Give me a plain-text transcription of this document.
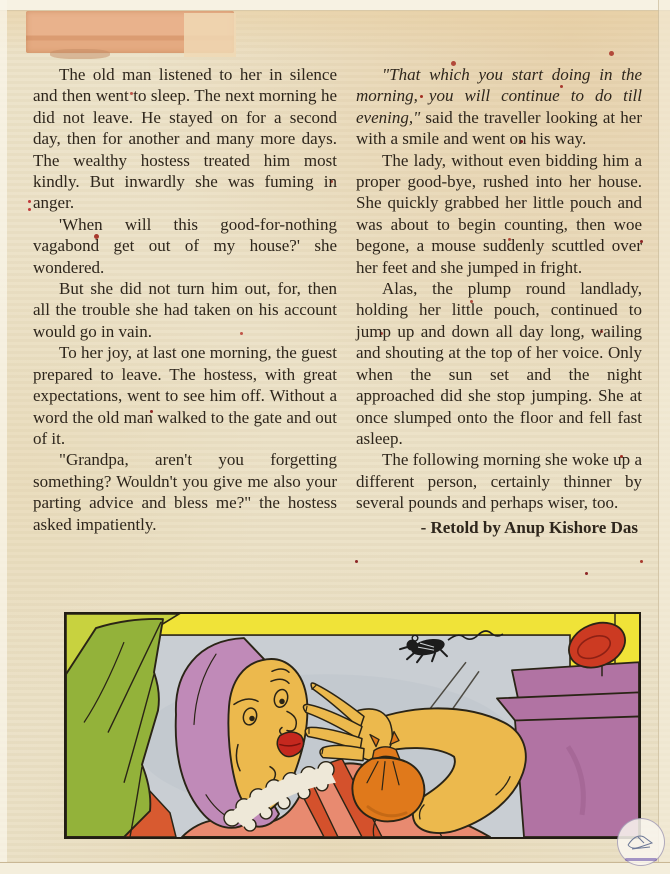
The old man listened to her in silence and then went to sleep. The next morning he did not leave. He stayed on for a second day, then for another and many more days. The wealthy hostess treated him most kindly. But inwardly she was fuming in anger.

'When will this good-for-nothing vagabond get out of my house?' she wondered.

But she did not turn him out, for, then all the trouble she had taken on his account would go in vain.

To her joy, at last one morning, the guest prepared to leave. The hostess, with great expectations, went to see him off. Without a word the old man walked to the gate and out of it.

"Grandpa, aren't you forgetting something? Wouldn't you give me also your parting advice and bless me?" the hostess asked impatiently.

"That which you start doing in the morning, you will continue to do till evening," said the traveller looking at her with a smile and went on his way.

The lady, without even bidding him a proper good-bye, rushed into her house. She quickly grabbed her little pouch and was about to begin counting, then woe begone, a mouse suddenly scuttled over her feet and she jumped in fright.

Alas, the plump round landlady, holding her little pouch, continued to jump up and down all day long, wailing and shouting at the top of her voice. Only when the sun set and the night approached did she stop jumping. She at once slumped onto the floor and fell fast asleep.

The following morning she woke up a different person, certainly thinner by several pounds and perhaps wiser, too.

- Retold by Anup Kishore Das
